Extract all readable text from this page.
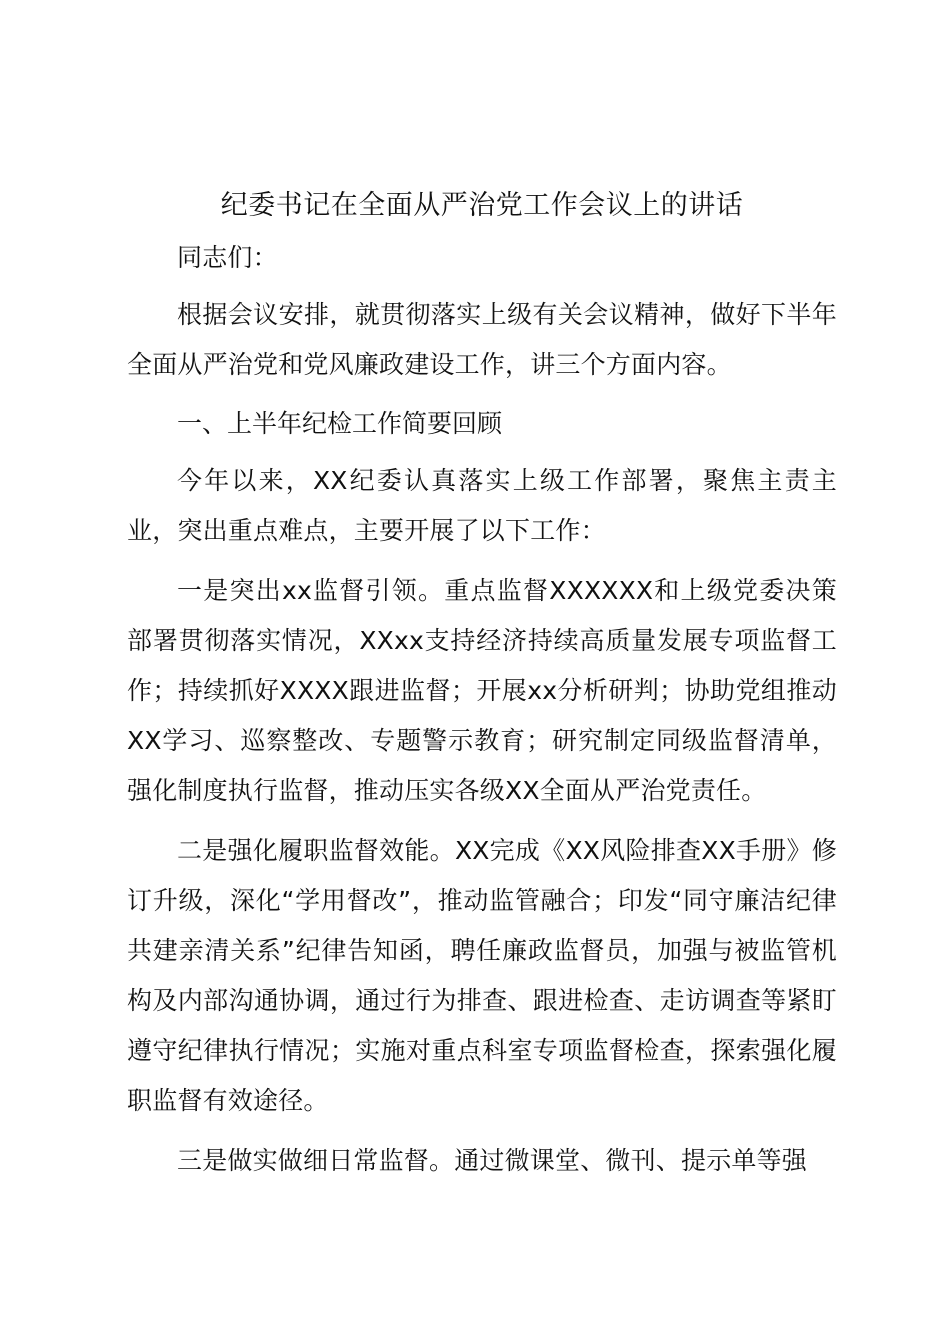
纪委书记在全面从严治党工作会议上的讲话

同志们：

根据会议安排，就贯彻落实上级有关会议精神，做好下半年全面从严治党和党风廉政建设工作，讲三个方面内容。

一、上半年纪检工作简要回顾

今年以来，XX纪委认真落实上级工作部署，聚焦主责主业，突出重点难点，主要开展了以下工作：

一是突出xx监督引领。重点监督XXXXXX和上级党委决策部署贯彻落实情况，XXxx支持经济持续高质量发展专项监督工作；持续抓好XXXX跟进监督；开展xx分析研判；协助党组推动XX学习、巡察整改、专题警示教育；研究制定同级监督清单，强化制度执行监督，推动压实各级XX全面从严治党责任。

二是强化履职监督效能。XX完成《XX风险排查XX手册》修订升级，深化“学用督改”，推动监管融合；印发“同守廉洁纪律共建亲清关系”纪律告知函，聘任廉政监督员，加强与被监管机构及内部沟通协调，通过行为排查、跟进检查、走访调查等紧盯遵守纪律执行情况；实施对重点科室专项监督检查，探索强化履职监督有效途径。

三是做实做细日常监督。通过微课堂、微刊、提示单等强
